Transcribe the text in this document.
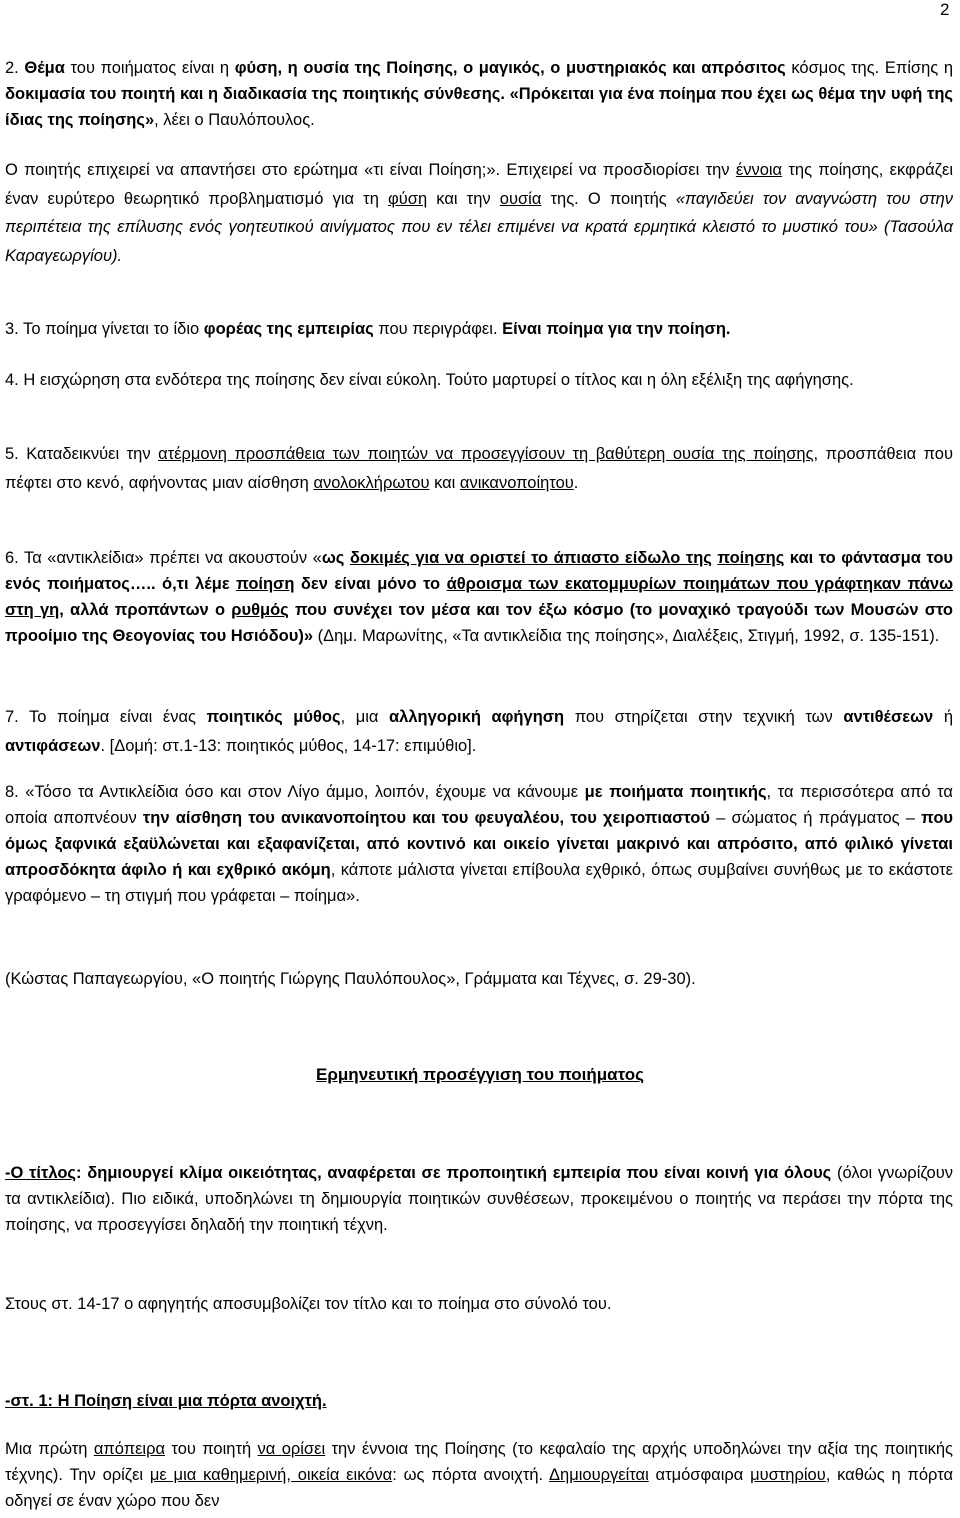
2

2. Θέμα του ποιήματος είναι η φύση, η ουσία της Ποίησης, ο μαγικός, ο μυστηριακός και απρόσιτος κόσμος της. Επίσης η δοκιμασία του ποιητή και η διαδικασία της ποιητικής σύνθεσης. «Πρόκειται για ένα ποίημα που έχει ως θέμα την υφή της ίδιας της ποίησης», λέει ο Παυλόπουλος.

Ο ποιητής επιχειρεί να απαντήσει στο ερώτημα «τι είναι Ποίηση;». Επιχειρεί να προσδιορίσει την έννοια της ποίησης, εκφράζει έναν ευρύτερο θεωρητικό προβληματισμό για τη φύση και την ουσία της. Ο ποιητής «παγιδεύει τον αναγνώστη του στην περιπέτεια της επίλυσης ενός γοητευτικού αινίγματος που εν τέλει επιμένει να κρατά ερμητικά κλειστό το μυστικό του» (Τασούλα Καραγεωργίου).

3. Το ποίημα γίνεται το ίδιο φορέας της εμπειρίας που περιγράφει. Είναι ποίημα για την ποίηση.

4. Η εισχώρηση στα ενδότερα της ποίησης δεν είναι εύκολη. Τούτο μαρτυρεί ο τίτλος και η όλη εξέλιξη της αφήγησης.

5. Καταδεικνύει την ατέρμονη προσπάθεια των ποιητών να προσεγγίσουν τη βαθύτερη ουσία της ποίησης, προσπάθεια που πέφτει στο κενό, αφήνοντας μιαν αίσθηση ανολοκλήρωτου και ανικανοποίητου.

6. Τα «αντικλείδια» πρέπει να ακουστούν «ως δοκιμές για να οριστεί το άπιαστο είδωλο της ποίησης και το φάντασμα του ενός ποιήματος….. ό,τι λέμε ποίηση δεν είναι μόνο το άθροισμα των εκατομμυρίων ποιημάτων που γράφτηκαν πάνω στη γη, αλλά προπάντων ο ρυθμός που συνέχει τον μέσα και τον έξω κόσμο (το μοναχικό τραγούδι των Μουσών στο προοίμιο της Θεογονίας του Ησιόδου)» (Δημ. Μαρωνίτης, «Τα αντικλείδια της ποίησης», Διαλέξεις, Στιγμή, 1992, σ. 135-151).

7. Το ποίημα είναι ένας ποιητικός μύθος, μια αλληγορική αφήγηση που στηρίζεται στην τεχνική των αντιθέσεων ή αντιφάσεων. [Δομή: στ.1-13: ποιητικός μύθος, 14-17: επιμύθιο].

8. «Τόσο τα Αντικλείδια όσο και στον Λίγο άμμο, λοιπόν, έχουμε να κάνουμε με ποιήματα ποιητικής, τα περισσότερα από τα οποία αποπνέουν την αίσθηση του ανικανοποίητου και του φευγαλέου, του χειροπιαστού – σώματος ή πράγματος – που όμως ξαφνικά εξαϋλώνεται και εξαφανίζεται, από κοντινό και οικείο γίνεται μακρινό και απρόσιτο, από φιλικό γίνεται απροσδόκητα άφιλο ή και εχθρικό ακόμη, κάποτε μάλιστα γίνεται επίβουλα εχθρικό, όπως συμβαίνει συνήθως με το εκάστοτε γραφόμενο – τη στιγμή που γράφεται – ποίημα».

(Κώστας Παπαγεωργίου, «Ο ποιητής Γιώργης Παυλόπουλος», Γράμματα και Τέχνες, σ. 29-30).

Ερμηνευτική προσέγγιση του ποιήματος

-Ο τίτλος: δημιουργεί κλίμα οικειότητας, αναφέρεται σε προποιητική εμπειρία που είναι κοινή για όλους (όλοι γνωρίζουν τα αντικλείδια). Πιο ειδικά, υποδηλώνει τη δημιουργία ποιητικών συνθέσεων, προκειμένου ο ποιητής να περάσει την πόρτα της ποίησης, να προσεγγίσει δηλαδή την ποιητική τέχνη.

Στους στ. 14-17 ο αφηγητής αποσυμβολίζει τον τίτλο και το ποίημα στο σύνολό του.

-στ. 1: Η Ποίηση είναι μια πόρτα ανοιχτή.

Μια πρώτη απόπειρα του ποιητή να ορίσει την έννοια της Ποίησης (το κεφαλαίο της αρχής υποδηλώνει την αξία της ποιητικής τέχνης). Την ορίζει με μια καθημερινή, οικεία εικόνα: ως πόρτα ανοιχτή. Δημιουργείται ατμόσφαιρα μυστηρίου, καθώς η πόρτα οδηγεί σε έναν χώρο που δεν
